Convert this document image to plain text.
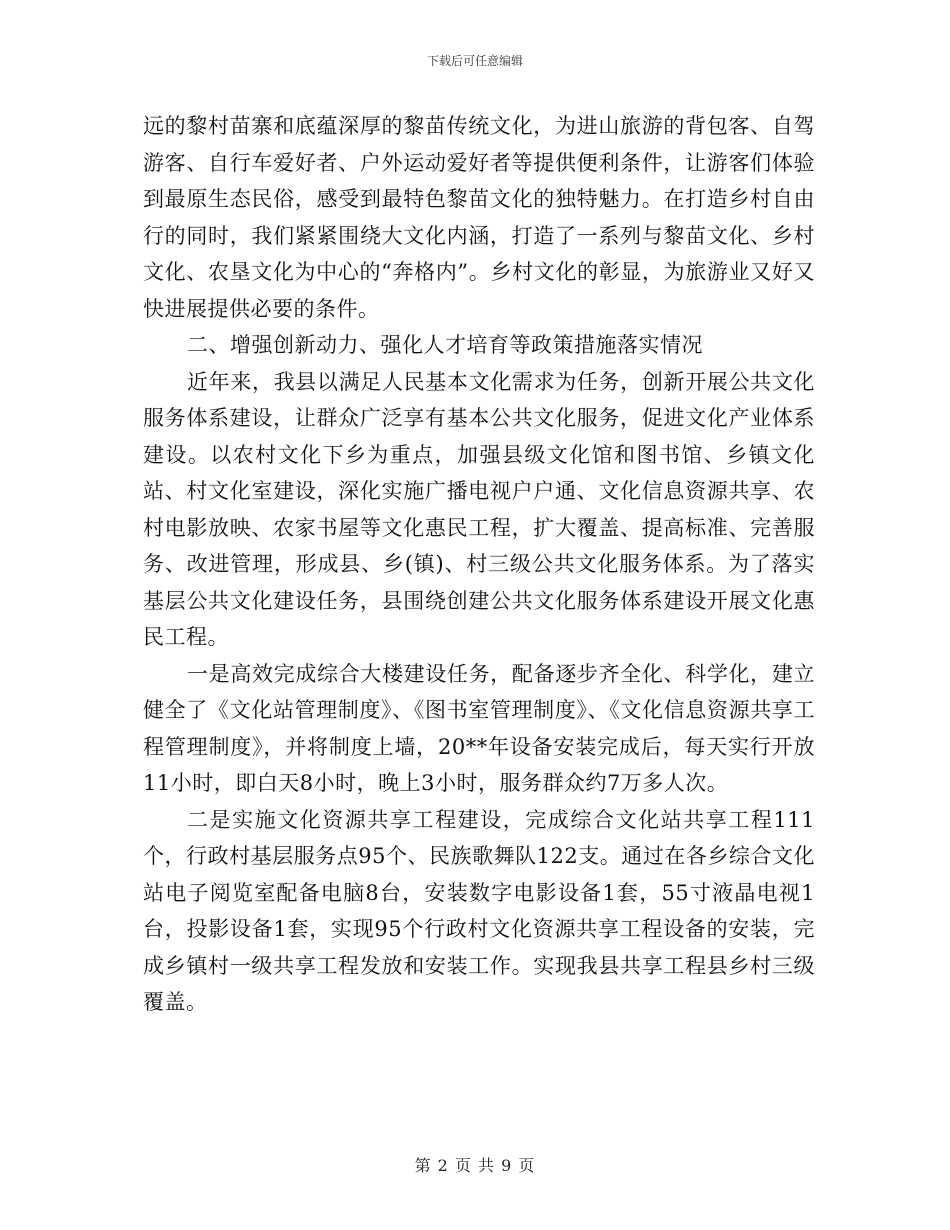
下载后可任意编辑

远的黎村苗寨和底蕴深厚的黎苗传统文化，为进山旅游的背包客、自驾游客、自行车爱好者、户外运动爱好者等提供便利条件，让游客们体验到最原生态民俗，感受到最特色黎苗文化的独特魅力。在打造乡村自由行的同时，我们紧紧围绕大文化内涵，打造了一系列与黎苗文化、乡村文化、农垦文化为中心的“奔格内”。乡村文化的彰显，为旅游业又好又快进展提供必要的条件。

二、增强创新动力、强化人才培育等政策措施落实情况

近年来，我县以满足人民基本文化需求为任务，创新开展公共文化服务体系建设，让群众广泛享有基本公共文化服务，促进文化产业体系建设。以农村文化下乡为重点，加强县级文化馆和图书馆、乡镇文化站、村文化室建设，深化实施广播电视户户通、文化信息资源共享、农村电影放映、农家书屋等文化惠民工程，扩大覆盖、提高标准、完善服务、改进管理，形成县、乡(镇)、村三级公共文化服务体系。为了落实基层公共文化建设任务，县围绕创建公共文化服务体系建设开展文化惠民工程。

一是高效完成综合大楼建设任务，配备逐步齐全化、科学化，建立健全了《文化站管理制度》、《图书室管理制度》、《文化信息资源共享工程管理制度》，并将制度上墙，20**年设备安装完成后，每天实行开放11小时，即白天8小时，晚上3小时，服务群众约7万多人次。

二是实施文化资源共享工程建设，完成综合文化站共享工程111个，行政村基层服务点95个、民族歌舞队122支。通过在各乡综合文化站电子阅览室配备电脑8台，安装数字电影设备1套，55寸液晶电视1台，投影设备1套，实现95个行政村文化资源共享工程设备的安装，完成乡镇村一级共享工程发放和安装工作。实现我县共享工程县乡村三级覆盖。

第 2 页 共 9 页
